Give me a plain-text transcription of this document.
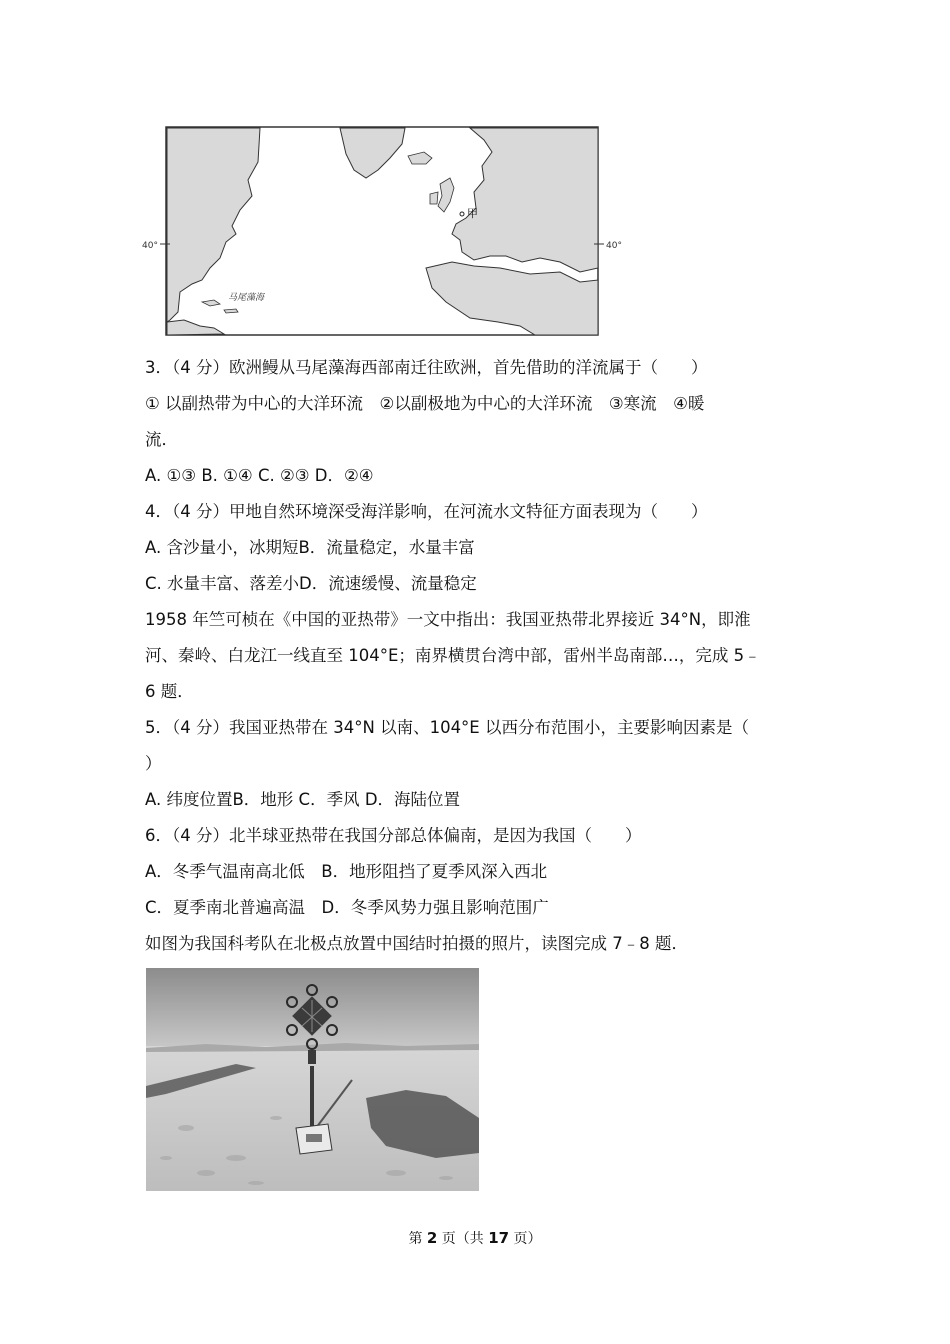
40°	40°
甲
马尾藻海
3．（4 分）欧洲鳗从马尾藻海西部南迁往欧洲，首先借助的洋流属于（　　）
① 以副热带为中心的大洋环流　②以副极地为中心的大洋环流　③寒流　④暖
流．
A. ①③ B. ①④ C. ②③ D．②④
4．（4 分）甲地自然环境深受海洋影响，在河流水文特征方面表现为（　　）
A. 含沙量小，冰期短B．流量稳定，水量丰富
C. 水量丰富、落差小D．流速缓慢、流量稳定
1958 年竺可桢在《中国的亚热带》一文中指出：我国亚热带北界接近 34°N，即淮
河、秦岭、白龙江一线直至 104°E；南界横贯台湾中部，雷州半岛南部…，完成 5﹣
6 题．
5．（4 分）我国亚热带在 34°N 以南、104°E 以西分布范围小，主要影响因素是（
）
A. 纬度位置B．地形 C．季风 D．海陆位置
6．（4 分）北半球亚热带在我国分部总体偏南，是因为我国（　　）
A．冬季气温南高北低　B．地形阻挡了夏季风深入西北
C．夏季南北普遍高温　D．冬季风势力强且影响范围广
如图为我国科考队在北极点放置中国结时拍摄的照片，读图完成 7﹣8 题．
第 2 页（共 17 页）
